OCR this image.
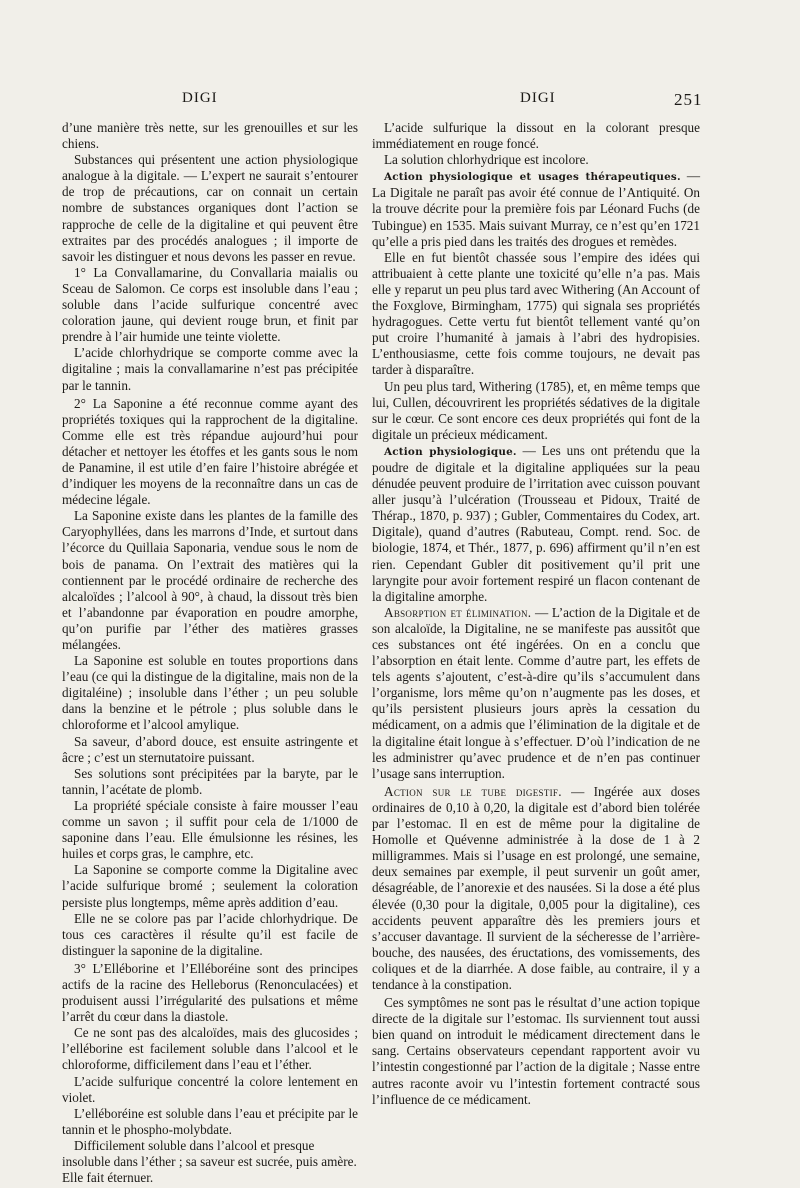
DIGI	DIGI	251

d’une manière très nette, sur les grenouilles et sur les chiens.

Substances qui présentent une action physiologique analogue à la digitale. — L’expert ne saurait s’entourer de trop de précautions, car on connait un certain nombre de substances organiques dont l’action se rapproche de celle de la digitaline et qui peuvent être extraites par des procédés analogues ; il importe de savoir les distinguer et nous devons les passer en revue.

1° La Convallamarine, du Convallaria maialis ou Sceau de Salomon. Ce corps est insoluble dans l’eau ; soluble dans l’acide sulfurique concentré avec coloration jaune, qui devient rouge brun, et finit par prendre à l’air humide une teinte violette.

L’acide chlorhydrique se comporte comme avec la digitaline ; mais la convallamarine n’est pas précipitée par le tannin.

2° La Saponine a été reconnue comme ayant des propriétés toxiques qui la rapprochent de la digitaline. Comme elle est très répandue aujourd’hui pour détacher et nettoyer les étoffes et les gants sous le nom de Panamine, il est utile d’en faire l’histoire abrégée et d’indiquer les moyens de la reconnaître dans un cas de médecine légale.

La Saponine existe dans les plantes de la famille des Caryophyllées, dans les marrons d’Inde, et surtout dans l’écorce du Quillaia Saponaria, vendue sous le nom de bois de panama. On l’extrait des matières qui la contiennent par le procédé ordinaire de recherche des alcaloïdes ; l’alcool à 90°, à chaud, la dissout très bien et l’abandonne par évaporation en poudre amorphe, qu’on purifie par l’éther des matières grasses mélangées.

La Saponine est soluble en toutes proportions dans l’eau (ce qui la distingue de la digitaline, mais non de la digitaléine) ; insoluble dans l’éther ; un peu soluble dans la benzine et le pétrole ; plus soluble dans le chloroforme et l’alcool amylique.

Sa saveur, d’abord douce, est ensuite astringente et âcre ; c’est un sternutatoire puissant.

Ses solutions sont précipitées par la baryte, par le tannin, l’acétate de plomb.

La propriété spéciale consiste à faire mousser l’eau comme un savon ; il suffit pour cela de 1/1000 de saponine dans l’eau. Elle émulsionne les résines, les huiles et corps gras, le camphre, etc.

La Saponine se comporte comme la Digitaline avec l’acide sulfurique bromé ; seulement la coloration persiste plus longtemps, même après addition d’eau.

Elle ne se colore pas par l’acide chlorhydrique. De tous ces caractères il résulte qu’il est facile de distinguer la saponine de la digitaline.

3° L’Elléborine et l’Elléboréine sont des principes actifs de la racine des Helleborus (Renonculacées) et produisent aussi l’irrégularité des pulsations et même l’arrêt du cœur dans la diastole.

Ce ne sont pas des alcaloïdes, mais des glucosides ; l’elléborine est facilement soluble dans l’alcool et le chloroforme, difficilement dans l’eau et l’éther.

L’acide sulfurique concentré la colore lentement en violet.

L’elléboréine est soluble dans l’eau et précipite par le tannin et le phospho-molybdate.

Difficilement soluble dans l’alcool et presque insoluble dans l’éther ; sa saveur est sucrée, puis amère. Elle fait éternuer.

L’acide sulfurique la dissout en la colorant presque immédiatement en rouge foncé.

La solution chlorhydrique est incolore.

Action physiologique et usages thérapeutiques. — La Digitale ne paraît pas avoir été connue de l’Antiquité. On la trouve décrite pour la première fois par Léonard Fuchs (de Tubingue) en 1535. Mais suivant Murray, ce n’est qu’en 1721 qu’elle a pris pied dans les traités des drogues et remèdes.

Elle en fut bientôt chassée sous l’empire des idées qui attribuaient à cette plante une toxicité qu’elle n’a pas. Mais elle y reparut un peu plus tard avec Withering (An Account of the Foxglove, Birmingham, 1775) qui signala ses propriétés hydragogues. Cette vertu fut bientôt tellement vanté qu’on put croire l’humanité à jamais à l’abri des hydropisies. L’enthousiasme, cette fois comme toujours, ne devait pas tarder à disparaître.

Un peu plus tard, Withering (1785), et, en même temps que lui, Cullen, découvrirent les propriétés sédatives de la digitale sur le cœur. Ce sont encore ces deux propriétés qui font de la digitale un précieux médicament.

Action physiologique. — Les uns ont prétendu que la poudre de digitale et la digitaline appliquées sur la peau dénudée peuvent produire de l’irritation avec cuisson pouvant aller jusqu’à l’ulcération (Trousseau et Pidoux, Traité de Thérap., 1870, p. 937) ; Gubler, Commentaires du Codex, art. Digitale), quand d’autres (Rabuteau, Compt. rend. Soc. de biologie, 1874, et Thér., 1877, p. 696) affirment qu’il n’en est rien. Cependant Gubler dit positivement qu’il prit une laryngite pour avoir fortement respiré un flacon contenant de la digitaline amorphe.

Absorption et élimination. — L’action de la Digitale et de son alcaloïde, la Digitaline, ne se manifeste pas aussitôt que ces substances ont été ingérées. On en a conclu que l’absorption en était lente. Comme d’autre part, les effets de tels agents s’ajoutent, c’est-à-dire qu’ils s’accumulent dans l’organisme, lors même qu’on n’augmente pas les doses, et qu’ils persistent plusieurs jours après la cessation du médicament, on a admis que l’élimination de la digitale et de la digitaline était longue à s’effectuer. D’où l’indication de ne les administrer qu’avec prudence et de n’en pas continuer l’usage sans interruption.

Action sur le tube digestif. — Ingérée aux doses ordinaires de 0,10 à 0,20, la digitale est d’abord bien tolérée par l’estomac. Il en est de même pour la digitaline de Homolle et Quévenne administrée à la dose de 1 à 2 milligrammes. Mais si l’usage en est prolongé, une semaine, deux semaines par exemple, il peut survenir un goût amer, désagréable, de l’anorexie et des nausées. Si la dose a été plus élevée (0,30 pour la digitale, 0,005 pour la digitaline), ces accidents peuvent apparaître dès les premiers jours et s’accuser davantage. Il survient de la sécheresse de l’arrière-bouche, des nausées, des éructations, des vomissements, des coliques et de la diarrhée. A dose faible, au contraire, il y a tendance à la constipation.

Ces symptômes ne sont pas le résultat d’une action topique directe de la digitale sur l’estomac. Ils surviennent tout aussi bien quand on introduit le médicament directement dans le sang. Certains observateurs cependant rapportent avoir vu l’intestin congestionné par l’action de la digitale ; Nasse entre autres raconte avoir vu l’intestin fortement contracté sous l’influence de ce médicament.
